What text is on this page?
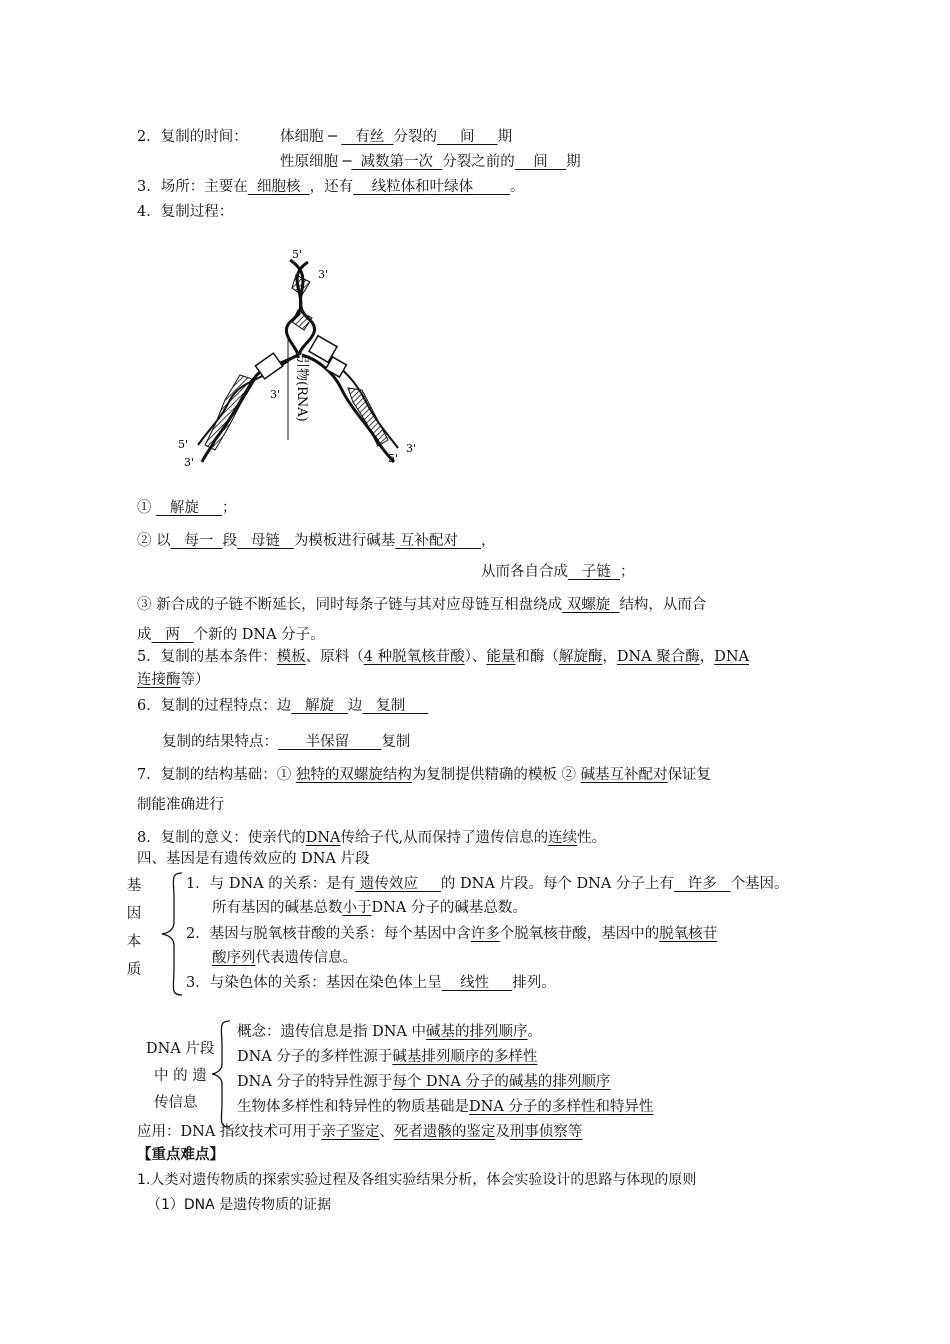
2．复制的时间： 体细胞 ─    有丝  分裂的     间     期
性原细胞 ─  减数第一次  分裂之前的    间    期
3．场所：主要在  细胞核  ，还有    线粒体和叶绿体        。
4．复制过程：
引物(RNA)
5'
3'
3'
5'
3'	5'
3'
①    解旋     ；
② 以   每一  段   母链   为模板进行碱基 互补配对     ，
从而各自合成   子链  ；
③ 新合成的子链不断延长，同时每条子链与其对应母链互相盘绕成 双螺旋  结构，从而合
成   两   个新的 DNA 分子。
5．复制的基本条件：模板、原料（4 种脱氧核苷酸）、能量和酶（解旋酶，DNA 聚合酶，DNA
连接酶等）
6．复制的过程特点：边   解旋   边   复制
复制的结果特点：      半保留       复制
7．复制的结构基础：① 独特的双螺旋结构为复制提供精确的模板 ② 碱基互补配对保证复
制能准确进行
8．复制的意义：使亲代的DNA传给子代,从而保持了遗传信息的连续性。
四、基因是有遗传效应的 DNA 片段
基
因
本
质
1．与 DNA 的关系：是有 遗传效应     的 DNA 片段。每个 DNA 分子上有   许多   个基因。
所有基因的碱基总数小于DNA 分子的碱基总数。
2．基因与脱氧核苷酸的关系：每个基因中含许多个脱氧核苷酸，基因中的脱氧核苷
酸序列代表遗传信息。
3．与染色体的关系：基因在染色体上呈    线性     排列。
DNA 片段
中 的 遗
传信息
概念：遗传信息是指 DNA 中碱基的排列顺序。
DNA 分子的多样性源于碱基排列顺序的多样性
DNA 分子的特异性源于每个 DNA 分子的碱基的排列顺序
生物体多样性和特异性的物质基础是DNA 分子的多样性和特异性
应用：DNA 指纹技术可用于亲子鉴定、死者遗骸的鉴定及刑事侦察等
【重点难点】
1.人类对遗传物质的探索实验过程及各组实验结果分析，体会实验设计的思路与体现的原则
（1）DNA 是遗传物质的证据
